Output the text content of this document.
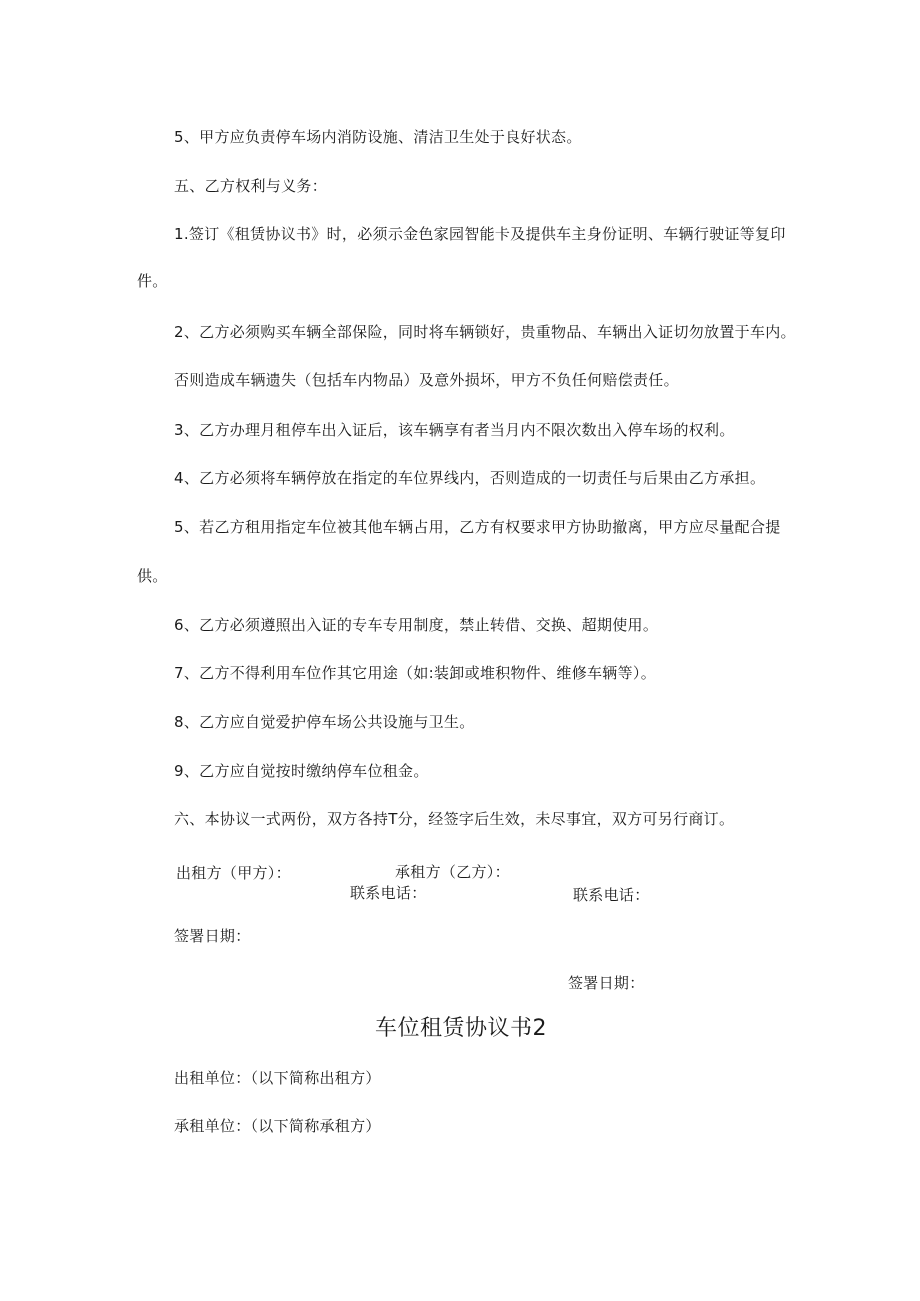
5、甲方应负责停车场内消防设施、清洁卫生处于良好状态。
五、乙方权利与义务：
1.签订《租赁协议书》时，必须示金色家园智能卡及提供车主身份证明、车辆行驶证等复印
件。
2、乙方必须购买车辆全部保险，同时将车辆锁好，贵重物品、车辆出入证切勿放置于车内。
否则造成车辆遗失（包括车内物品）及意外损坏，甲方不负任何赔偿责任。
3、乙方办理月租停车出入证后，该车辆享有者当月内不限次数出入停车场的权利。
4、乙方必须将车辆停放在指定的车位界线内，否则造成的一切责任与后果由乙方承担。
5、若乙方租用指定车位被其他车辆占用，乙方有权要求甲方协助撤离，甲方应尽量配合提
供。
6、乙方必须遵照出入证的专车专用制度，禁止转借、交换、超期使用。
7、乙方不得利用车位作其它用途（如:装卸或堆积物件、维修车辆等）。
8、乙方应自觉爱护停车场公共设施与卫生。
9、乙方应自觉按时缴纳停车位租金。
六、本协议一式两份，双方各持T分，经签字后生效，未尽事宜，双方可另行商订。
出租方（甲方）：	承租方（乙方）：
联系电话：	联系电话：
签署日期：
签署日期：
车位租赁协议书2
出租单位：（以下简称出租方）
承租单位：（以下简称承租方）
